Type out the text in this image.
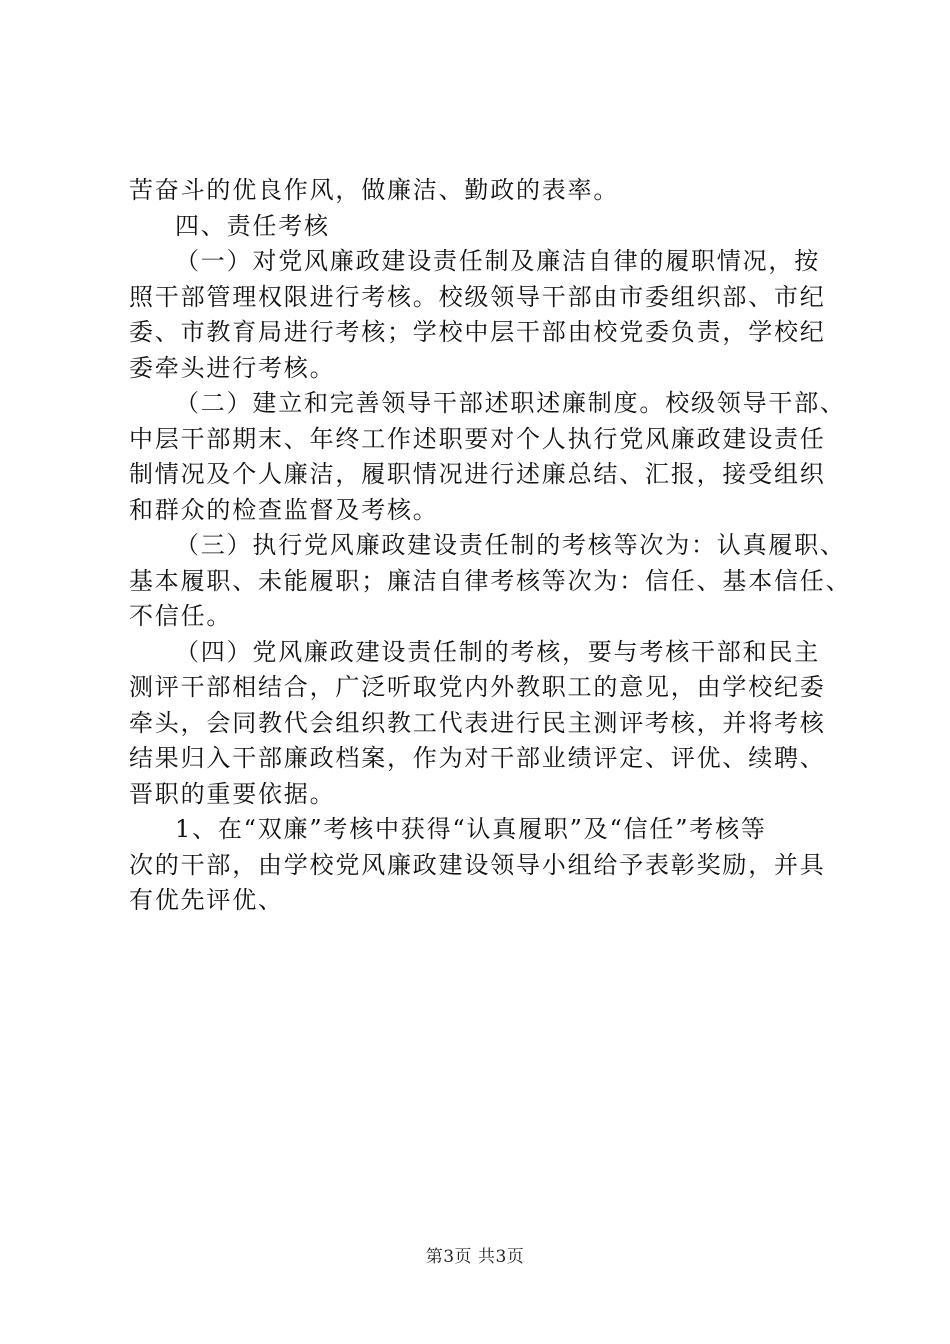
苦奋斗的优良作风，做廉洁、勤政的表率。
四、责任考核
（一）对党风廉政建设责任制及廉洁自律的履职情况，按
照干部管理权限进行考核。校级领导干部由市委组织部、市纪
委、市教育局进行考核；学校中层干部由校党委负责，学校纪
委牵头进行考核。
（二）建立和完善领导干部述职述廉制度。校级领导干部、
中层干部期末、年终工作述职要对个人执行党风廉政建设责任
制情况及个人廉洁，履职情况进行述廉总结、汇报，接受组织
和群众的检查监督及考核。
（三）执行党风廉政建设责任制的考核等次为：认真履职、
基本履职、未能履职；廉洁自律考核等次为：信任、基本信任、
不信任。
（四）党风廉政建设责任制的考核，要与考核干部和民主
测评干部相结合，广泛听取党内外教职工的意见，由学校纪委
牵头，会同教代会组织教工代表进行民主测评考核，并将考核
结果归入干部廉政档案，作为对干部业绩评定、评优、续聘、
晋职的重要依据。
1、在“双廉”考核中获得“认真履职”及“信任”考核等
次的干部，由学校党风廉政建设领导小组给予表彰奖励，并具
有优先评优、
第3页 共3页
